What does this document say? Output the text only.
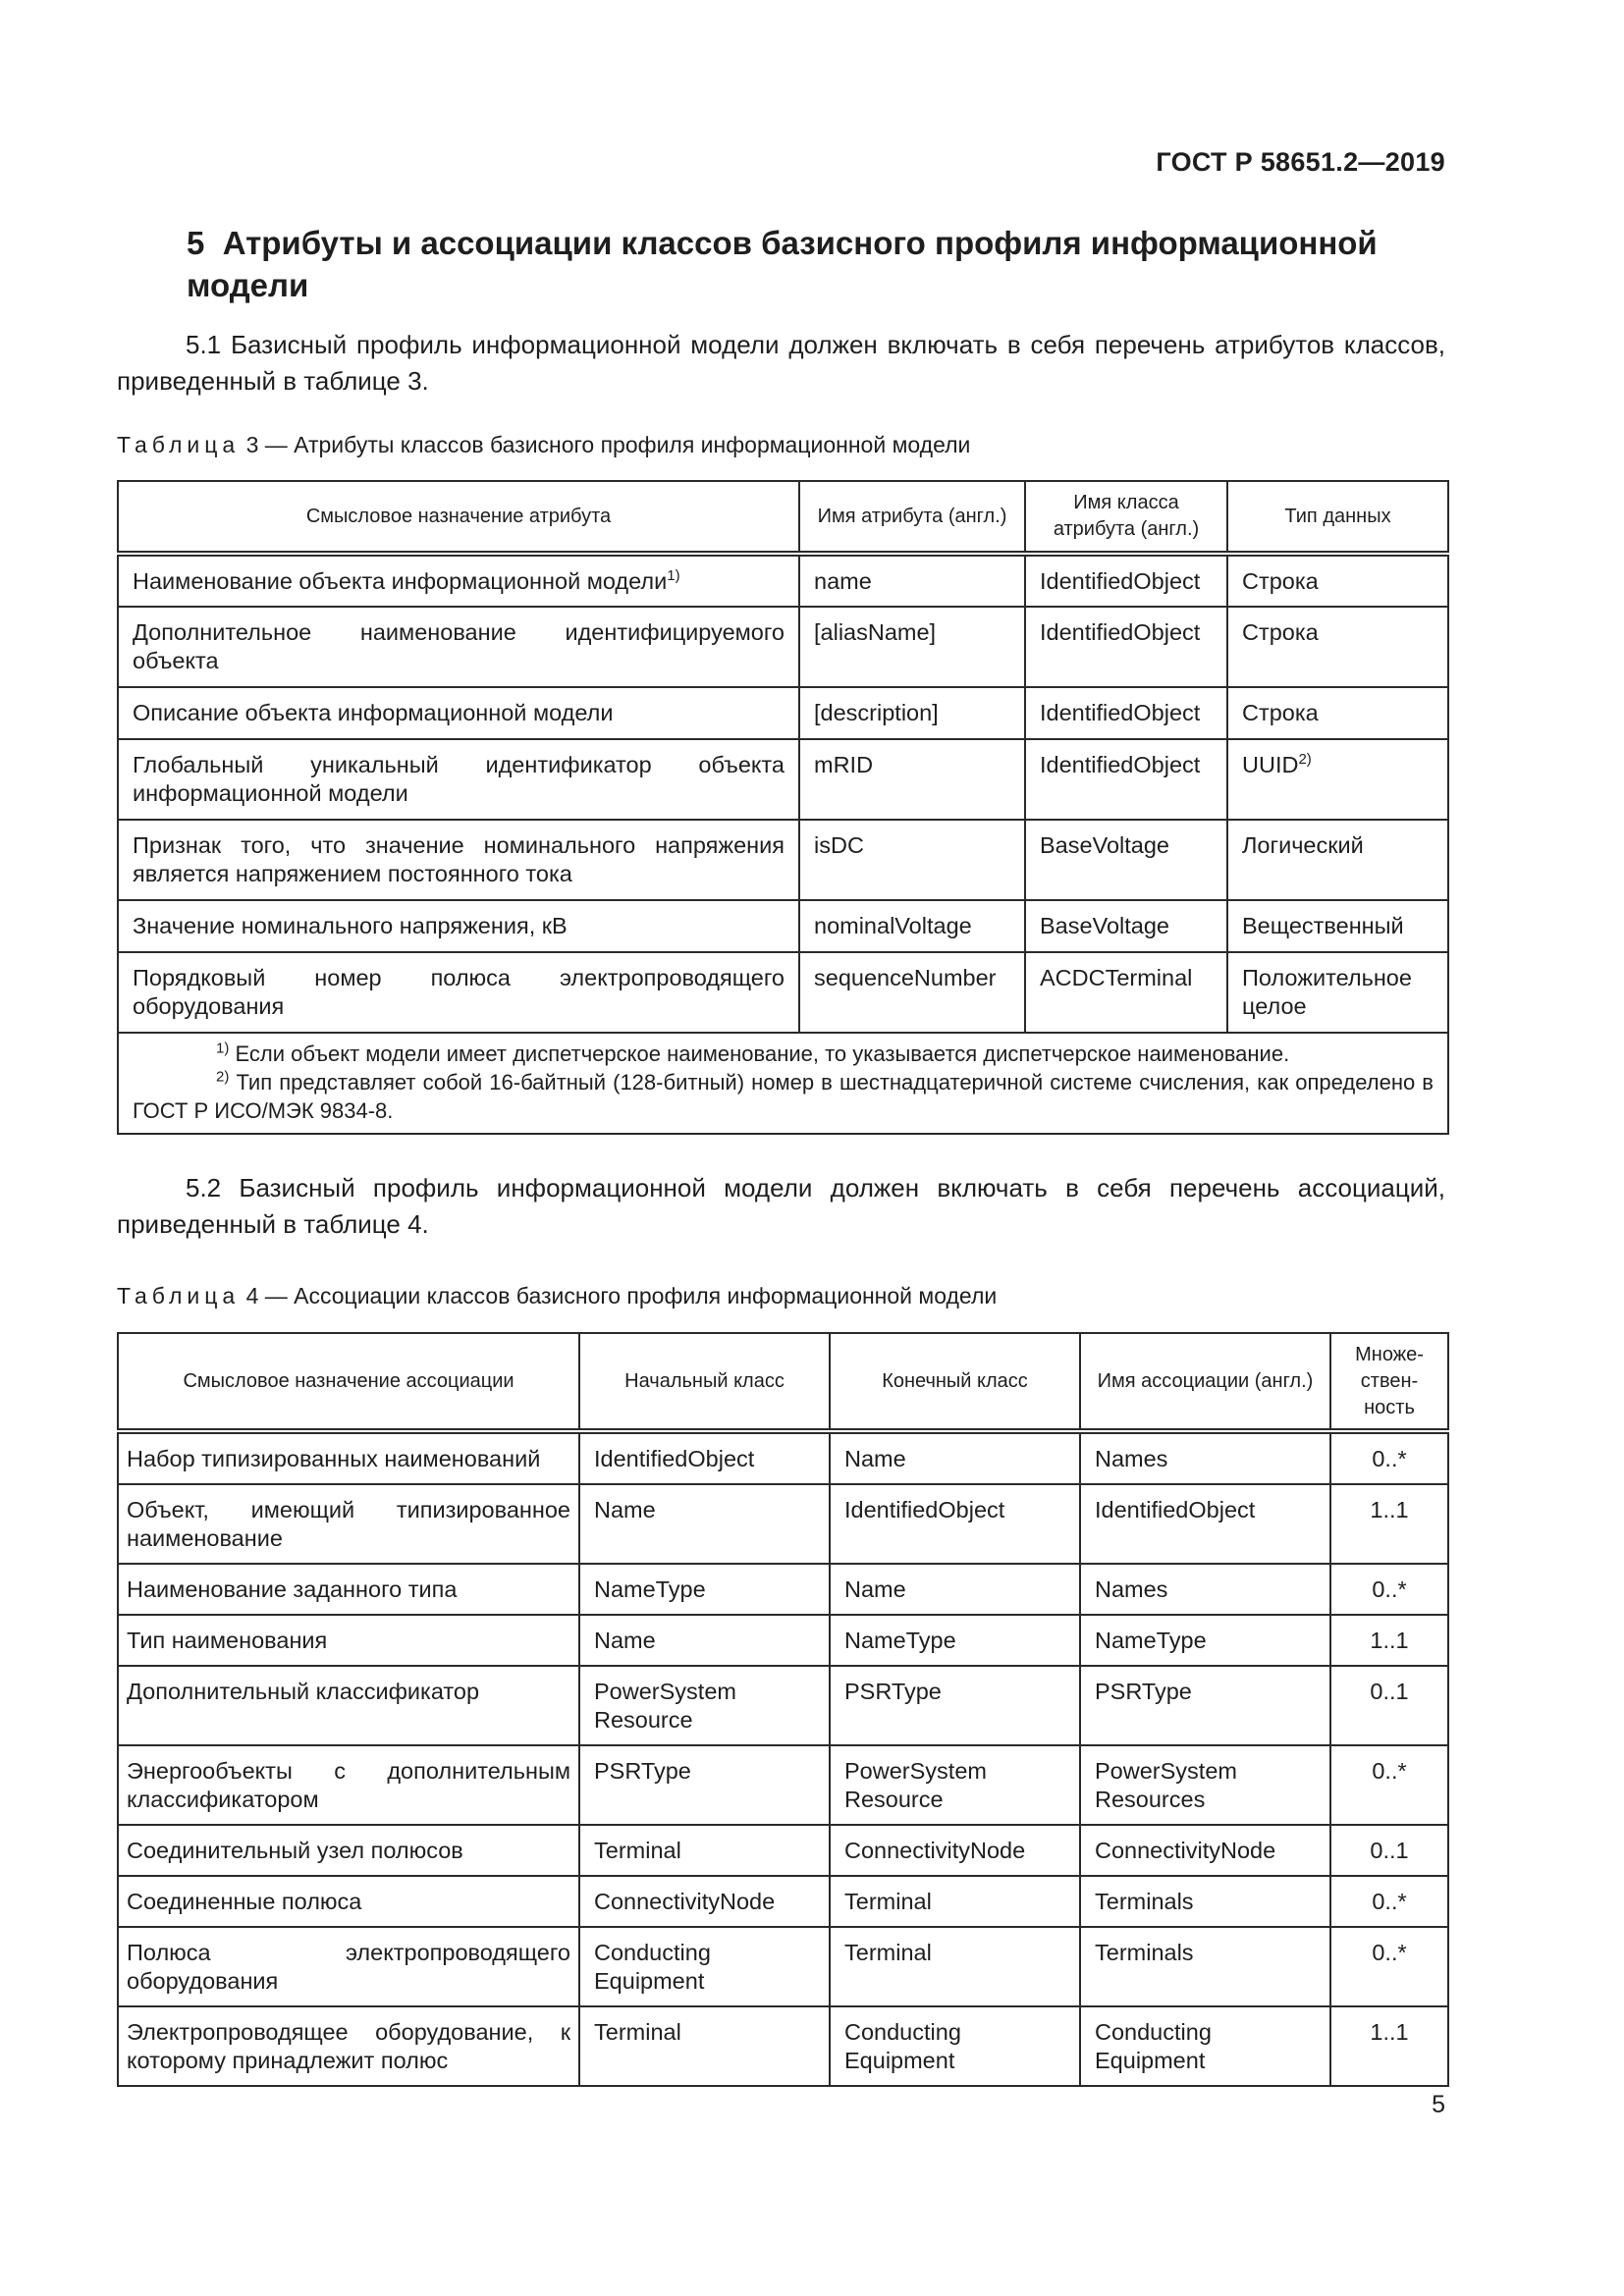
ГОСТ Р 58651.2—2019
5 Атрибуты и ассоциации классов базисного профиля информационной модели
5.1 Базисный профиль информационной модели должен включать в себя перечень атрибутов классов, приведенный в таблице 3.
Таблица 3 — Атрибуты классов базисного профиля информационной модели
Смысловое назначение атрибута	Имя атрибута (англ.)	Имя класса атрибута (англ.)	Тип данных
Наименование объекта информационной модели$^{1)}$	name	IdentifiedObject	Строка
Дополнительное наименование идентифицируемого объекта	[aliasName]	IdentifiedObject	Строка
Описание объекта информационной модели	[description]	IdentifiedObject	Строка
Глобальный уникальный идентификатор объекта информационной модели	mRID	IdentifiedObject	UUID$^{2)}$
Признак того, что значение номинального напряжения является напряжением постоянного тока	isDC	BaseVoltage	Логический
Значение номинального напряжения, кВ	nominalVoltage	BaseVoltage	Вещественный
Порядковый номер полюса электропроводящего оборудования	sequenceNumber	ACDCTerminal	Положительное целое

$^{1)}$ Если объект модели имеет диспетчерское наименование, то указывается диспетчерское наименование.
$^{2)}$ Тип представляет собой 16-байтный (128-битный) номер в шестнадцатеричной системе счисления, как определено в ГОСТ Р ИСО/МЭК 9834-8.			
5.2 Базисный профиль информационной модели должен включать в себя перечень ассоциаций, приведенный в таблице 4.
Таблица 4 — Ассоциации классов базисного профиля информационной модели
Смысловое назначение ассоциации	Начальный класс	Конечный класс	Имя ассоциации (англ.)	Множе-ствен-ность
Набор типизированных наименований	IdentifiedObject	Name	Names	0..*
Объект, имеющий типизированное наименование	Name	IdentifiedObject	IdentifiedObject	1..1
Наименование заданного типа	NameType	Name	Names	0..*
Тип наименования	Name	NameType	NameType	1..1
Дополнительный классификатор	PowerSystem Resource	PSRType	PSRType	0..1
Энергообъекты с дополнительным классификатором	PSRType	PowerSystem Resource	PowerSystem Resources	0..*
Соединительный узел полюсов	Terminal	ConnectivityNode	ConnectivityNode	0..1
Соединенные полюса	ConnectivityNode	Terminal	Terminals	0..*
Полюса электропроводящего оборудования	Conducting Equipment	Terminal	Terminals	0..*
Электропроводящее оборудование, к которому принадлежит полюс	Terminal	Conducting Equipment	Conducting Equipment	1..1
5
